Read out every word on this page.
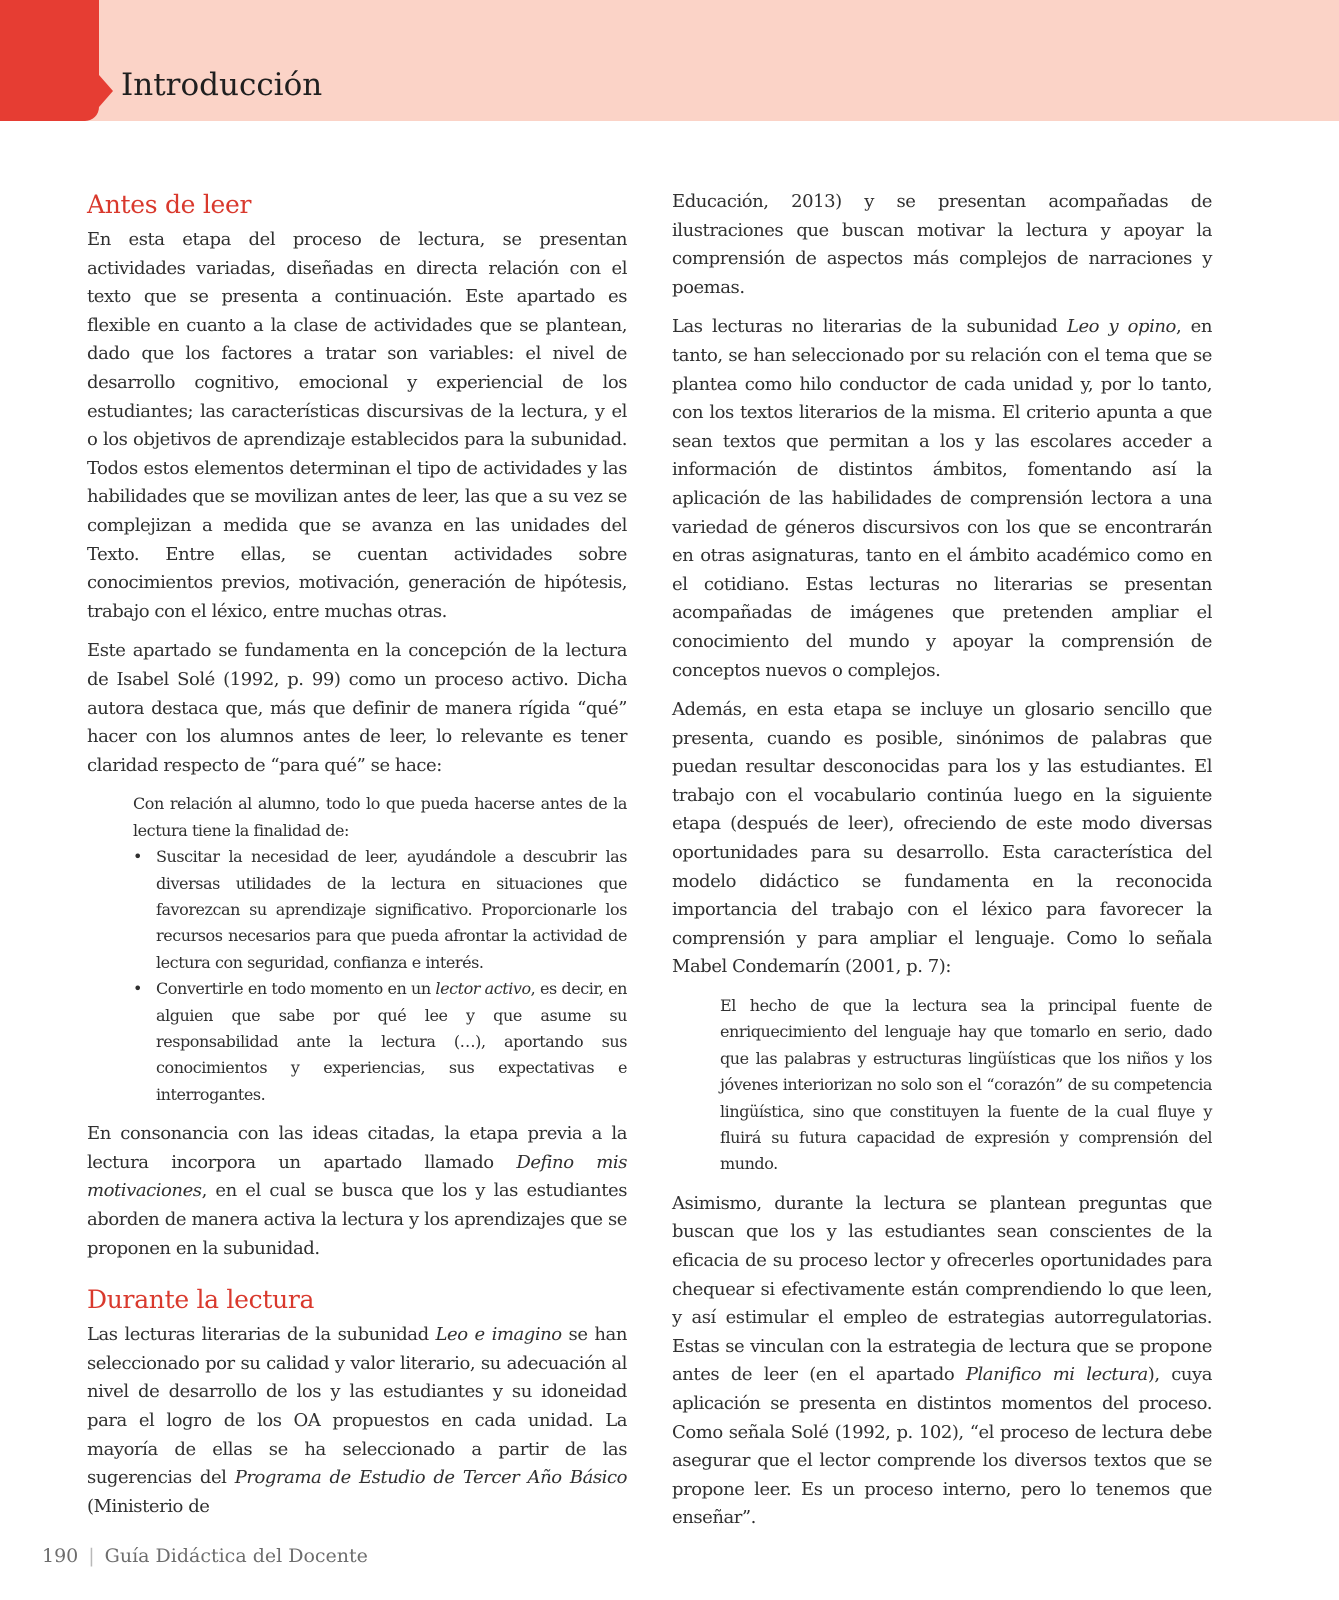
Introducción
Antes de leer

En esta etapa del proceso de lectura, se presentan actividades variadas, diseñadas en directa relación con el texto que se presenta a continuación. Este apartado es flexible en cuanto a la clase de actividades que se plantean, dado que los factores a tratar son variables: el nivel de desarrollo cognitivo, emocional y experiencial de los estudiantes; las características discursivas de la lectura, y el o los objetivos de aprendizaje establecidos para la subunidad. Todos estos elementos determinan el tipo de actividades y las habilidades que se movilizan antes de leer, las que a su vez se complejizan a medida que se avanza en las unidades del Texto. Entre ellas, se cuentan actividades sobre conocimientos previos, motivación, generación de hipótesis, trabajo con el léxico, entre muchas otras.

Este apartado se fundamenta en la concepción de la lectura de Isabel Solé (1992, p. 99) como un proceso activo. Dicha autora destaca que, más que definir de manera rígida “qué” hacer con los alumnos antes de leer, lo relevante es tener claridad respecto de “para qué” se hace:

Con relación al alumno, todo lo que pueda hacerse antes de la lectura tiene la finalidad de:

• Suscitar la necesidad de leer, ayudándole a descubrir las diversas utilidades de la lectura en situaciones que favorezcan su aprendizaje significativo. Proporcionarle los recursos necesarios para que pueda afrontar la actividad de lectura con seguridad, confianza e interés.
• Convertirle en todo momento en un lector activo, es decir, en alguien que sabe por qué lee y que asume su responsabilidad ante la lectura (…), aportando sus conocimientos y experiencias, sus expectativas e interrogantes.

En consonancia con las ideas citadas, la etapa previa a la lectura incorpora un apartado llamado Defino mis motivaciones, en el cual se busca que los y las estudiantes aborden de manera activa la lectura y los aprendizajes que se proponen en la subunidad.

Durante la lectura

Las lecturas literarias de la subunidad Leo e imagino se han seleccionado por su calidad y valor literario, su adecuación al nivel de desarrollo de los y las estudiantes y su idoneidad para el logro de los OA propuestos en cada unidad. La mayoría de ellas se ha seleccionado a partir de las sugerencias del Programa de Estudio de Tercer Año Básico (Ministerio de

Educación, 2013) y se presentan acompañadas de ilustraciones que buscan motivar la lectura y apoyar la comprensión de aspectos más complejos de narraciones y poemas.

Las lecturas no literarias de la subunidad Leo y opino, en tanto, se han seleccionado por su relación con el tema que se plantea como hilo conductor de cada unidad y, por lo tanto, con los textos literarios de la misma. El criterio apunta a que sean textos que permitan a los y las escolares acceder a información de distintos ámbitos, fomentando así la aplicación de las habilidades de comprensión lectora a una variedad de géneros discursivos con los que se encontrarán en otras asignaturas, tanto en el ámbito académico como en el cotidiano. Estas lecturas no literarias se presentan acompañadas de imágenes que pretenden ampliar el conocimiento del mundo y apoyar la comprensión de conceptos nuevos o complejos.

Además, en esta etapa se incluye un glosario sencillo que presenta, cuando es posible, sinónimos de palabras que puedan resultar desconocidas para los y las estudiantes. El trabajo con el vocabulario continúa luego en la siguiente etapa (después de leer), ofreciendo de este modo diversas oportunidades para su desarrollo. Esta característica del modelo didáctico se fundamenta en la reconocida importancia del trabajo con el léxico para favorecer la comprensión y para ampliar el lenguaje. Como lo señala Mabel Condemarín (2001, p. 7):

El hecho de que la lectura sea la principal fuente de enriquecimiento del lenguaje hay que tomarlo en serio, dado que las palabras y estructuras lingüísticas que los niños y los jóvenes interiorizan no solo son el “corazón” de su competencia lingüística, sino que constituyen la fuente de la cual fluye y fluirá su futura capacidad de expresión y comprensión del mundo.

Asimismo, durante la lectura se plantean preguntas que buscan que los y las estudiantes sean conscientes de la eficacia de su proceso lector y ofrecerles oportunidades para chequear si efectivamente están comprendiendo lo que leen, y así estimular el empleo de estrategias autorregulatorias. Estas se vinculan con la estrategia de lectura que se propone antes de leer (en el apartado Planifico mi lectura), cuya aplicación se presenta en distintos momentos del proceso. Como señala Solé (1992, p. 102), “el proceso de lectura debe asegurar que el lector comprende los diversos textos que se propone leer. Es un proceso interno, pero lo tenemos que enseñar”.

190 | Guía Didáctica del Docente
